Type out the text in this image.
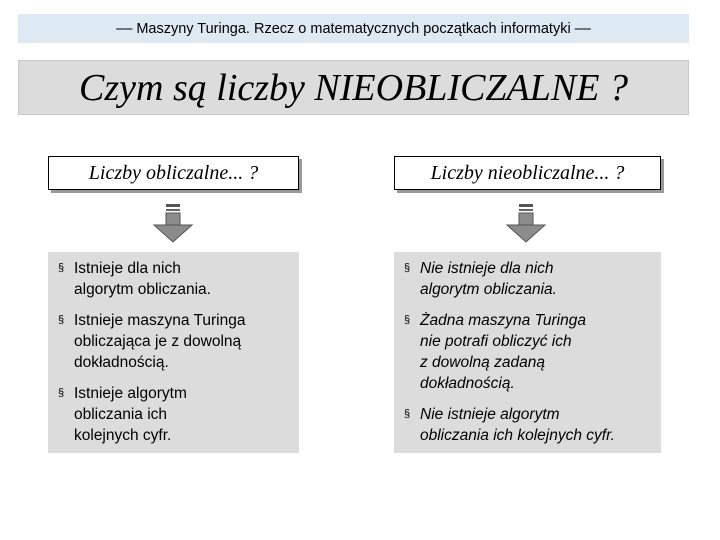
–– Maszyny Turinga. Rzecz o matematycznych początkach informatyki ––
Czym są liczby NIEOBLICZALNE ?
Liczby obliczalne... ?	Liczby nieobliczalne... ?
§ Istnieje dla nich
algorytm obliczania.
§ Istnieje maszyna Turinga
obliczająca je z dowolną
dokładnością.
§ Istnieje algorytm
obliczania ich
kolejnych cyfr.
§ Nie istnieje dla nich
algorytm obliczania.
§ Żadna maszyna Turinga
nie potrafi obliczyć ich
z dowolną zadaną
dokładnością.
§ Nie istnieje algorytm
obliczania ich kolejnych cyfr.
